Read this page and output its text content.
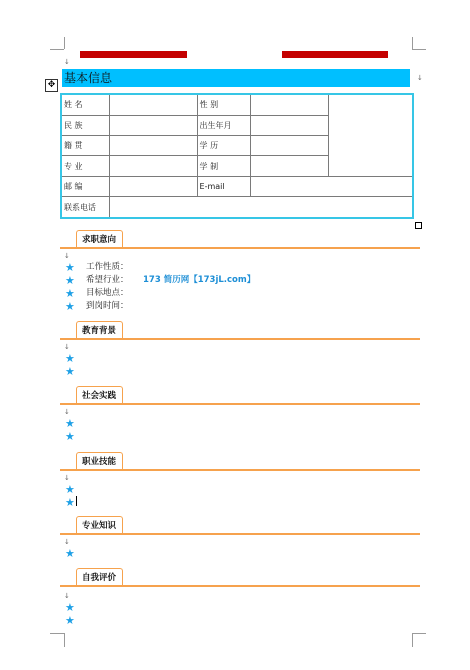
↓
✥ 基本信息	↓
姓 名		性 别		
民 族		出生年月		
籍 贯		学 历		
专 业		学 制		
邮 编		E-mail		
联系电话				
求职意向
↓
★ 工作性质：
★ 希望行业： 173 简历网【173jL.com】
★ 目标地点：
★ 到岗时间：
教育背景
↓
★
★
社会实践
↓
★
★
职业技能
↓
★
★
专业知识
↓
★
自我评价
↓
★
★
